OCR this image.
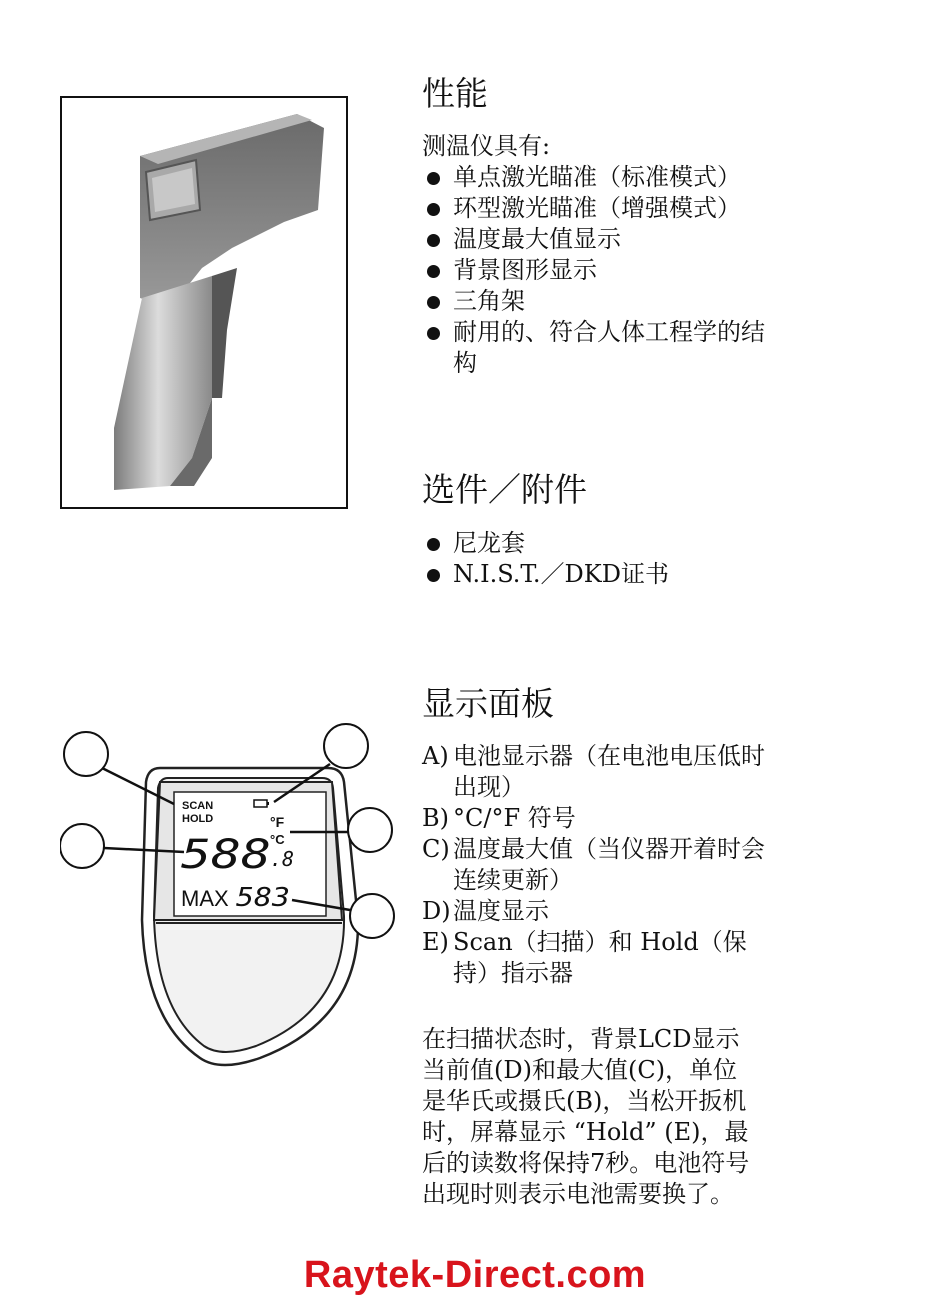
性能
测温仪具有:
单点激光瞄准（标准模式）
环型激光瞄准（增强模式）
温度最大值显示
背景图形显示
三角架
耐用的、符合人体工程学的结构
选件／附件
尼龙套
N.I.S.T.／DKD证书
显示面板
A) 电池显示器（在电池电压低时出现）
B) °C/°F 符号
C) 温度最大值（当仪器开着时会连续更新）
D) 温度显示
E) Scan（扫描）和 Hold（保持）指示器
在扫描状态时，背景LCD显示
当前值(D)和最大值(C)，单位
是华氏或摄氏(B)，当松开扳机
时，屏幕显示 “Hold” (E)，最
后的读数将保持7秒。电池符号
出现时则表示电池需要换了。
SCAN
HOLD	°F
°C
588 .8
MAX 583
Raytek-Direct.com
